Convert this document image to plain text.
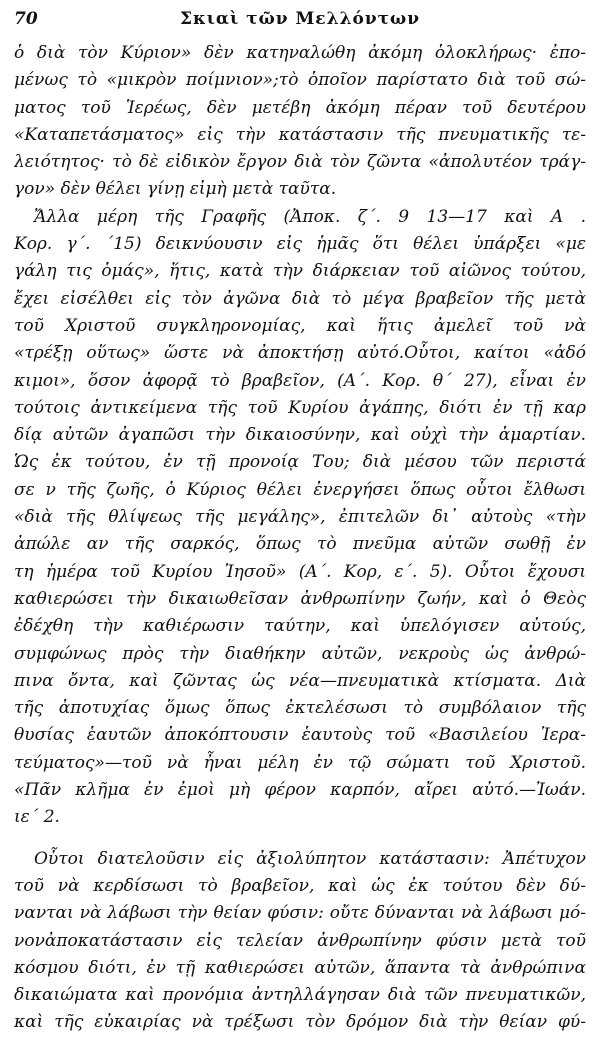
70	Σκιαὶ τῶν Μελλόντων
ὁ διὰ τὸν Κύριον» δὲν κατηναλώθη ἀκόμη ὁλοκλήρως· ἐπο-
μένως τὸ «μικρὸν ποίμνιον»;τὸ ὁποῖον παρίστατο διὰ τοῦ σώ-
ματος τοῦ Ἱερέως, δὲν μετέβη ἀκόμη πέραν τοῦ δευτέρου
«Καταπετάσματος» εἰς τὴν κατάστασιν τῆς πνευματικῆς τε-
λειότητος· τὸ δὲ εἰδικὸν ἔργον διὰ τὸν ζῶντα «ἀπολυτέον τράγ-
γον» δὲν θέλει γίνῃ εἰμὴ μετὰ ταῦτα.
Ἄλλα μέρη τῆς Γραφῆς (Ἀποκ. ζ΄. 9 13—17 καὶ Α .
Κορ. γ΄. ΄15) δεικνύουσιν εἰς ἡμᾶς ὅτι θέλει ὑπάρξει «με
γάλη τις ὁμάς», ἥτις, κατὰ τὴν διάρκειαν τοῦ αἰῶνος τούτου,
ἔχει εἰσέλθει εἰς τὸν ἀγῶνα διὰ τὸ μέγα βραβεῖον τῆς μετὰ
τοῦ Χριστοῦ συγκληρονομίας, καὶ ἥτις ἀμελεῖ τοῦ νὰ
«τρέξῃ οὕτως» ὥστε νὰ ἀποκτήσῃ αὐτό.Οὗτοι, καίτοι «ἀδό
κιμοι», ὅσον ἀφορᾷ τὸ βραβεῖον, (Α΄. Κορ. θ΄ 27), εἶναι ἐν
τούτοις ἀντικείμενα τῆς τοῦ Κυρίου ἀγάπης, διότι ἐν τῇ καρ
δίᾳ αὐτῶν ἀγαπῶσι τὴν δικαιοσύνην, καὶ οὐχὶ τὴν ἁμαρτίαν.
Ὡς ἐκ τούτου, ἐν τῇ προνοίᾳ Του; διὰ μέσου τῶν περιστά
σε ν τῆς ζωῆς, ὁ Κύριος θέλει ἐνεργήσει ὅπως οὗτοι ἔλθωσι
«διὰ τῆς θλίψεως τῆς μεγάλης», ἐπιτελῶν δι᾽ αὐτοὺς «τὴν
ἀπώλε αν τῆς σαρκός, ὅπως τὸ πνεῦμα αὐτῶν σωθῇ ἐν
τη ἡμέρα τοῦ Κυρίου Ἰησοῦ» (Α΄. Κορ, ε΄. 5). Οὗτοι ἔχουσι
καθιερώσει τὴν δικαιωθεῖσαν ἀνθρωπίνην ζωήν, καὶ ὁ Θεὸς
ἐδέχθη τὴν καθιέρωσιν ταύτην, καὶ ὑπελόγισεν αὐτούς,
συμφώνως πρὸς τὴν διαθήκην αὐτῶν, νεκροὺς ὡς ἀνθρώ-
πινα ὄντα, καὶ ζῶντας ὡς νέα—πνευματικὰ κτίσματα. Διὰ
τῆς ἀποτυχίας ὅμως ὅπως ἐκτελέσωσι τὸ συμβόλαιον τῆς
θυσίας ἑαυτῶν ἀποκόπτουσιν ἑαυτοὺς τοῦ «Βασιλείου Ἱερα-
τεύματος»—τοῦ νὰ ἦναι μέλη ἐν τῷ σώματι τοῦ Χριστοῦ.
«Πᾶν κλῆμα ἐν ἐμοὶ μὴ φέρον καρπόν, αἴρει αὐτό.—Ἰωάν.
ιε΄ 2.
Οὗτοι διατελοῦσιν εἰς ἀξιολύπητον κατάστασιν: Ἀπέτυχον
τοῦ νὰ κερδίσωσι τὸ βραβεῖον, καὶ ὡς ἐκ τούτου δὲν δύ-
νανται νὰ λάβωσι τὴν θείαν φύσιν: οὔτε δύνανται νὰ λάβωσι μό-
νονἀποκατάστασιν εἰς τελείαν ἀνθρωπίνην φύσιν μετὰ τοῦ
κόσμου διότι, ἐν τῇ καθιερώσει αὐτῶν, ἅπαντα τὰ ἀνθρώπινα
δικαιώματα καὶ προνόμια ἀντηλλάγησαν διὰ τῶν πνευματικῶν,
καὶ τῆς εὐκαιρίας νὰ τρέξωσι τὸν δρόμον διὰ τὴν θείαν φύ-
